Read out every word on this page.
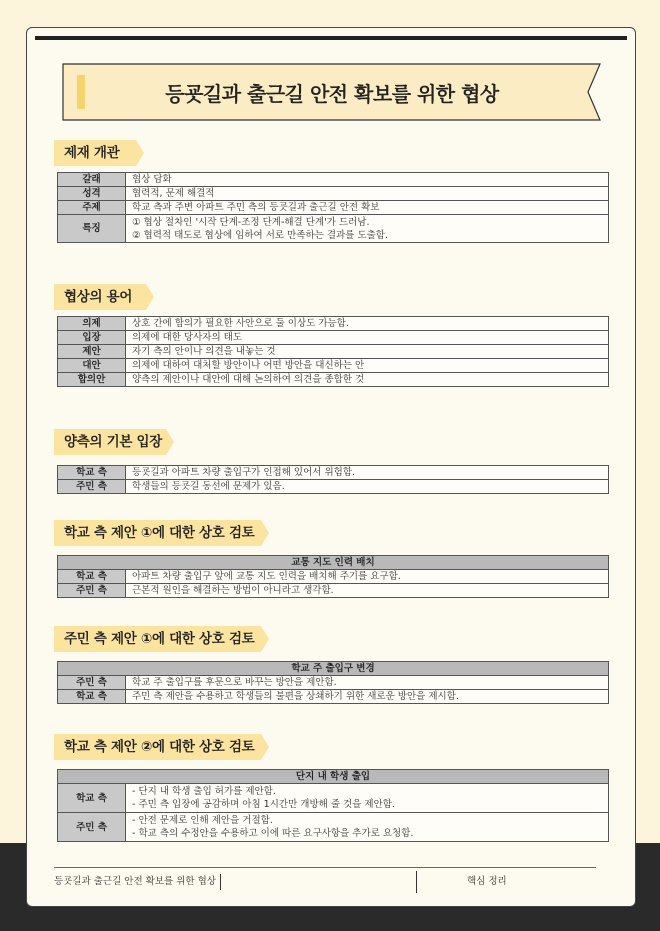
등굣길과 출근길 안전 확보를 위한 협상
제재 개관
갈래	협상 담화
성격	협력적, 문제 해결적
주제	학교 측과 주변 아파트 주민 측의 등굣길과 출근길 안전 확보
특징	① 협상 절차인 '시작 단계-조정 단계-해결 단계'가 드러남.
② 협력적 태도로 협상에 임하여 서로 만족하는 결과를 도출함.
협상의 용어
의제	상호 간에 합의가 필요한 사안으로 둘 이상도 가능함.
입장	의제에 대한 당사자의 태도
제안	자기 측의 안이나 의견을 내놓는 것
대안	의제에 대하여 대처할 방안이나 어떤 방안을 대신하는 안
합의안	양측의 제안이나 대안에 대해 논의하여 의견을 종합한 것
양측의 기본 입장
학교 측	등굣길과 아파트 차량 출입구가 인접해 있어서 위험함.
주민 측	학생들의 등굣길 동선에 문제가 있음.
학교 측 제안 ①에 대한 상호 검토
교통 지도 인력 배치	
학교 측	아파트 차량 출입구 앞에 교통 지도 인력을 배치해 주기를 요구함.
주민 측	근본적 원인을 해결하는 방법이 아니라고 생각함.
주민 측 제안 ①에 대한 상호 검토
학교 주 출입구 변경	
주민 측	학교 주 출입구를 후문으로 바꾸는 방안을 제안함.
학교 측	주민 측 제안을 수용하고 학생들의 불편을 상쇄하기 위한 새로운 방안을 제시함.
학교 측 제안 ②에 대한 상호 검토
단지 내 학생 출입	
학교 측	- 단지 내 학생 출입 허가를 제안함.
- 주민 측 입장에 공감하며 아침 1시간만 개방해 줄 것을 제안함.

주민 측	- 안전 문제로 인해 제안을 거절함.
- 학교 측의 수정안을 수용하고 이에 따른 요구사항을 추가로 요청함.
등굣길과 출근길 안전 확보를 위한 협상	핵심 정리
